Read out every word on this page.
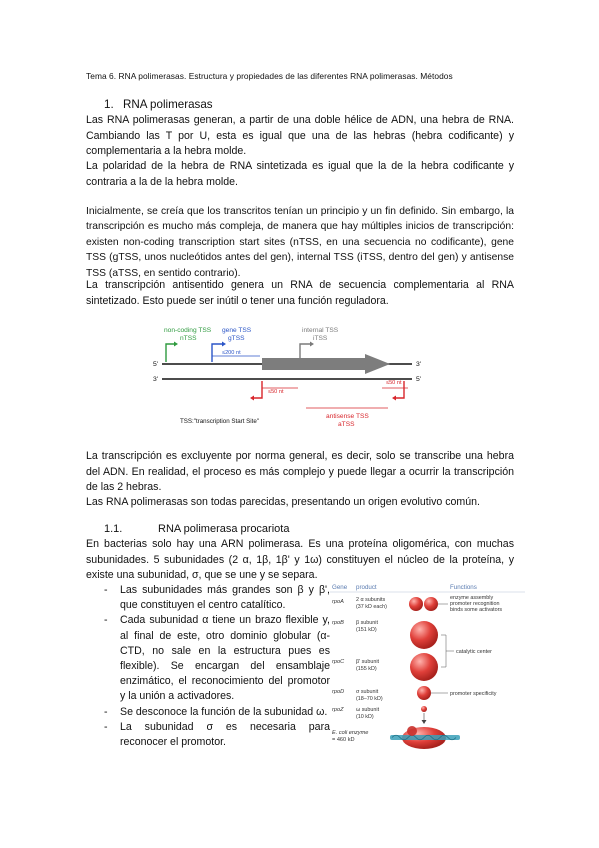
Tema 6. RNA polimerasas. Estructura y propiedades de las diferentes RNA polimerasas. Métodos
1. RNA polimerasas

Las RNA polimerasas generan, a partir de una doble hélice de ADN, una hebra de RNA. Cambiando las T por U, esta es igual que una de las hebras (hebra codificante) y complementaria a la hebra molde.

La polaridad de la hebra de RNA sintetizada es igual que la de la hebra codificante y contraria a la de la hebra molde.

Inicialmente, se creía que los transcritos tenían un principio y un fin definido. Sin embargo, la transcripción es mucho más compleja, de manera que hay múltiples inicios de transcripción: existen non-coding transcription start sites (nTSS, en una secuencia no codificante), gene TSS (gTSS, unos nucleótidos antes del gen), internal TSS (iTSS, dentro del gen) y antisense TSS (aTSS, en sentido contrario).

La transcripción antisentido genera un RNA de secuencia complementaria al RNA sintetizado. Esto puede ser inútil o tener una función reguladora.

non-coding TSS
nTSS
gene TSS
gTSS
internal TSS
iTSS
≤200 nt
5'	3'
3'	5'
≤50 nt
≤50 nt
antisense TSS
aTSS
TSS:"transcription Start Site"

La transcripción es excluyente por norma general, es decir, solo se transcribe una hebra del ADN. En realidad, el proceso es más complejo y puede llegar a ocurrir la transcripción de las 2 hebras.

Las RNA polimerasas son todas parecidas, presentando un origen evolutivo común.

1.1.	RNA polimerasa procariota

En bacterias solo hay una ARN polimerasa. Es una proteína oligomérica, con muchas subunidades. 5 subunidades (2 α, 1β, 1β' y 1ω) constituyen el núcleo de la proteína, y existe una subunidad, σ, que se une y se separa.

- Las subunidades más grandes son β y β', que constituyen el centro catalítico.
- Cada subunidad α tiene un brazo flexible y, al final de este, otro dominio globular (α-CTD, no sale en la estructura pues es flexible). Se encargan del ensamblaje enzimático, el reconocimiento del promotor y la unión a activadores.
- Se desconoce la función de la subunidad ω.
- La subunidad σ es necesaria para reconocer el promotor.
Gene product	Functions
rpoA 2 α subunits
(37 kD each)
enzyme assembly
promoter recognition
binds some activators
rpoB β subunit
(151 kD)
rpoC β' subunit
(155 kD)
catalytic center
rpoD σ subunit
(18–70 kD)
promoter specificity
rpoZ ω subunit
(10 kD)
E. coli enzyme
= 460 kD
